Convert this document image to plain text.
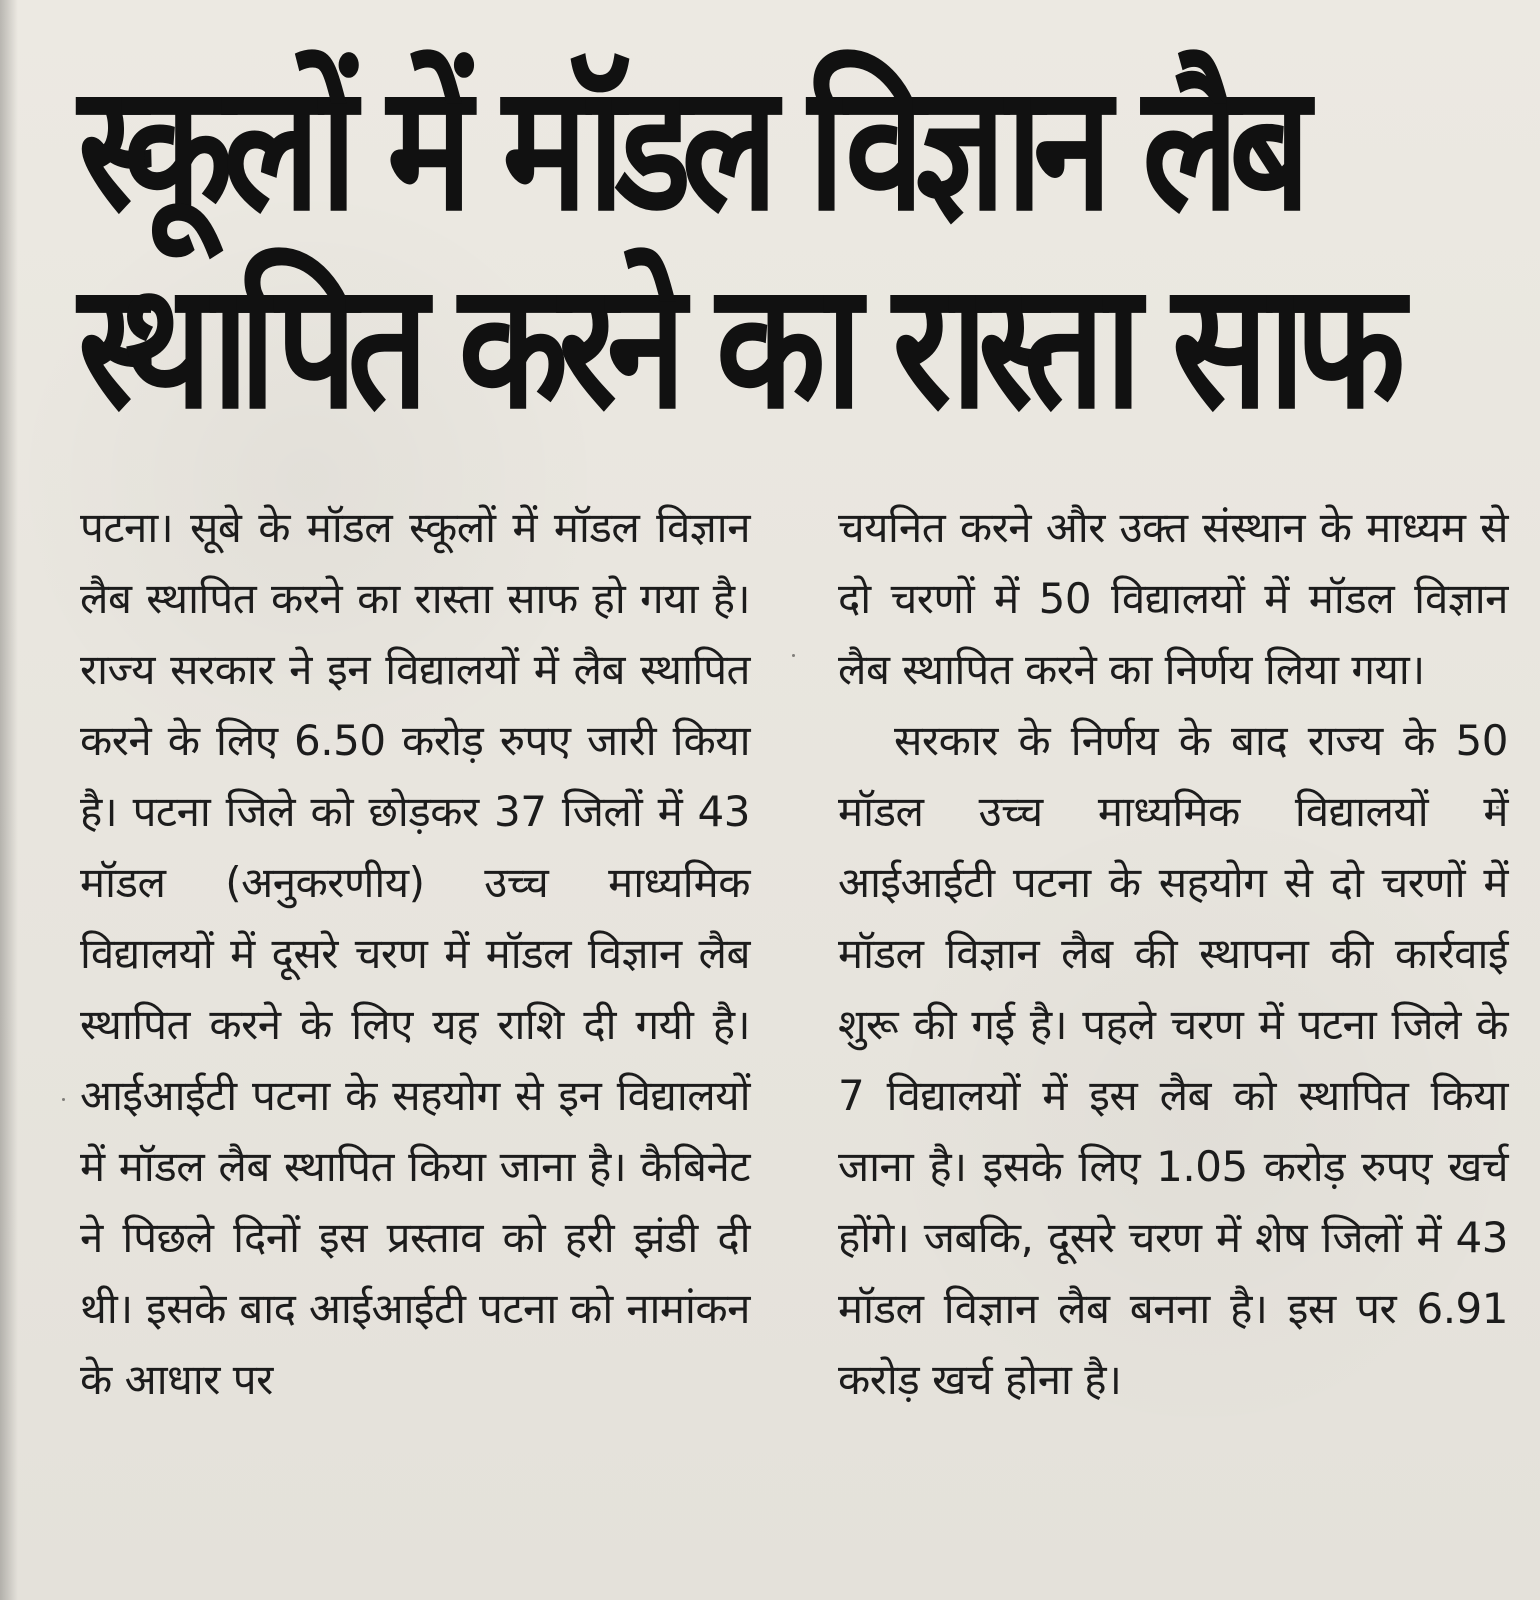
स्कूलों में मॉडल विज्ञान लैब
स्थापित करने का रास्ता साफ

पटना। सूबे के मॉडल स्कूलों में मॉडल विज्ञान लैब स्थापित करने का रास्ता साफ हो गया है। राज्य सरकार ने इन विद्यालयों में लैब स्थापित करने के लिए 6.50 करोड़ रुपए जारी किया है। पटना जिले को छोड़कर 37 जिलों में 43 मॉडल (अनुकरणीय) उच्च माध्यमिक विद्यालयों में दूसरे चरण में मॉडल विज्ञान लैब स्थापित करने के लिए यह राशि दी गयी है। आईआईटी पटना के सहयोग से इन विद्यालयों में मॉडल लैब स्थापित किया जाना है। कैबिनेट ने पिछले दिनों इस प्रस्ताव को हरी झंडी दी थी। इसके बाद आईआईटी पटना को नामांकन के आधार पर

चयनित करने और उक्त संस्थान के माध्यम से दो चरणों में 50 विद्यालयों में मॉडल विज्ञान लैब स्थापित करने का निर्णय लिया गया।

सरकार के निर्णय के बाद राज्य के 50 मॉडल उच्च माध्यमिक विद्यालयों में आईआईटी पटना के सहयोग से दो चरणों में मॉडल विज्ञान लैब की स्थापना की कार्रवाई शुरू की गई है। पहले चरण में पटना जिले के 7 विद्यालयों में इस लैब को स्थापित किया जाना है। इसके लिए 1.05 करोड़ रुपए खर्च होंगे। जबकि, दूसरे चरण में शेष जिलों में 43 मॉडल विज्ञान लैब बनना है। इस पर 6.91 करोड़ खर्च होना है।
